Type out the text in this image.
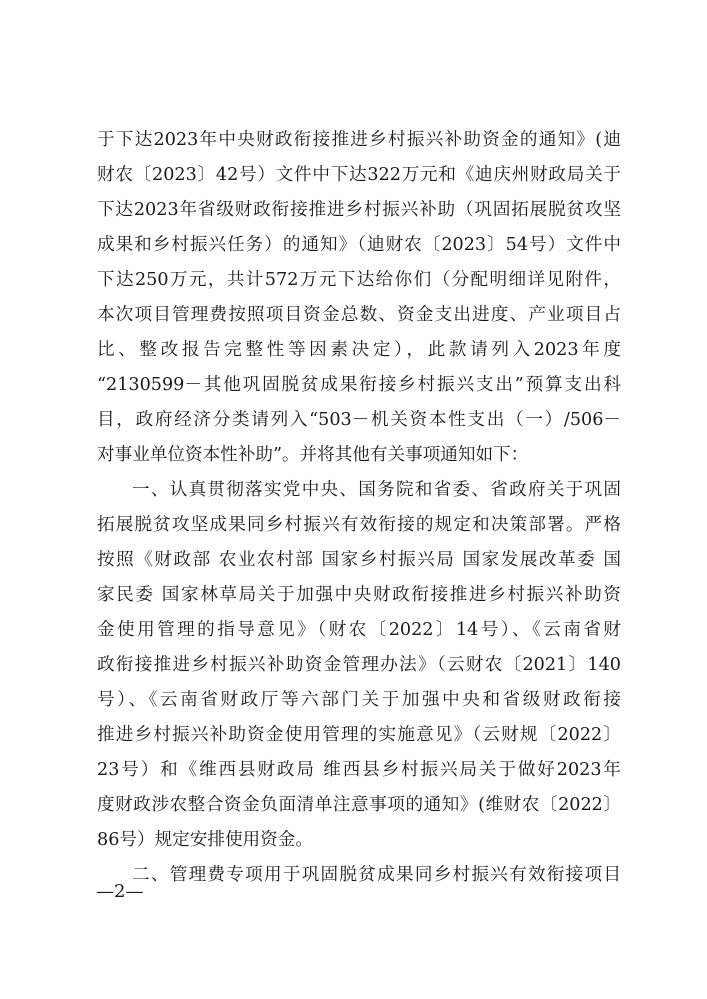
于下达2023年中央财政衔接推进乡村振兴补助资金的通知》(迪
财农〔2023〕42号）文件中下达322万元和《迪庆州财政局关于
下达2023年省级财政衔接推进乡村振兴补助（巩固拓展脱贫攻坚
成果和乡村振兴任务）的通知》（迪财农〔2023〕54号）文件中
下达250万元，共计572万元下达给你们（分配明细详见附件，
本次项目管理费按照项目资金总数、资金支出进度、产业项目占
比、整改报告完整性等因素决定），此款请列入2023年度
“2130599－其他巩固脱贫成果衔接乡村振兴支出”预算支出科
目，政府经济分类请列入“503－机关资本性支出（一）/506－
对事业单位资本性补助”。并将其他有关事项通知如下：
一、认真贯彻落实党中央、国务院和省委、省政府关于巩固
拓展脱贫攻坚成果同乡村振兴有效衔接的规定和决策部署。严格
按照《财政部 农业农村部 国家乡村振兴局 国家发展改革委 国
家民委 国家林草局关于加强中央财政衔接推进乡村振兴补助资
金使用管理的指导意见》（财农〔2022〕14号）、《云南省财
政衔接推进乡村振兴补助资金管理办法》（云财农〔2021〕140
号）、《云南省财政厅等六部门关于加强中央和省级财政衔接
推进乡村振兴补助资金使用管理的实施意见》（云财规〔2022〕
23号）和《维西县财政局 维西县乡村振兴局关于做好2023年
度财政涉农整合资金负面清单注意事项的通知》(维财农〔2022〕
86号）规定安排使用资金。
二、管理费专项用于巩固脱贫成果同乡村振兴有效衔接项目
—2—
